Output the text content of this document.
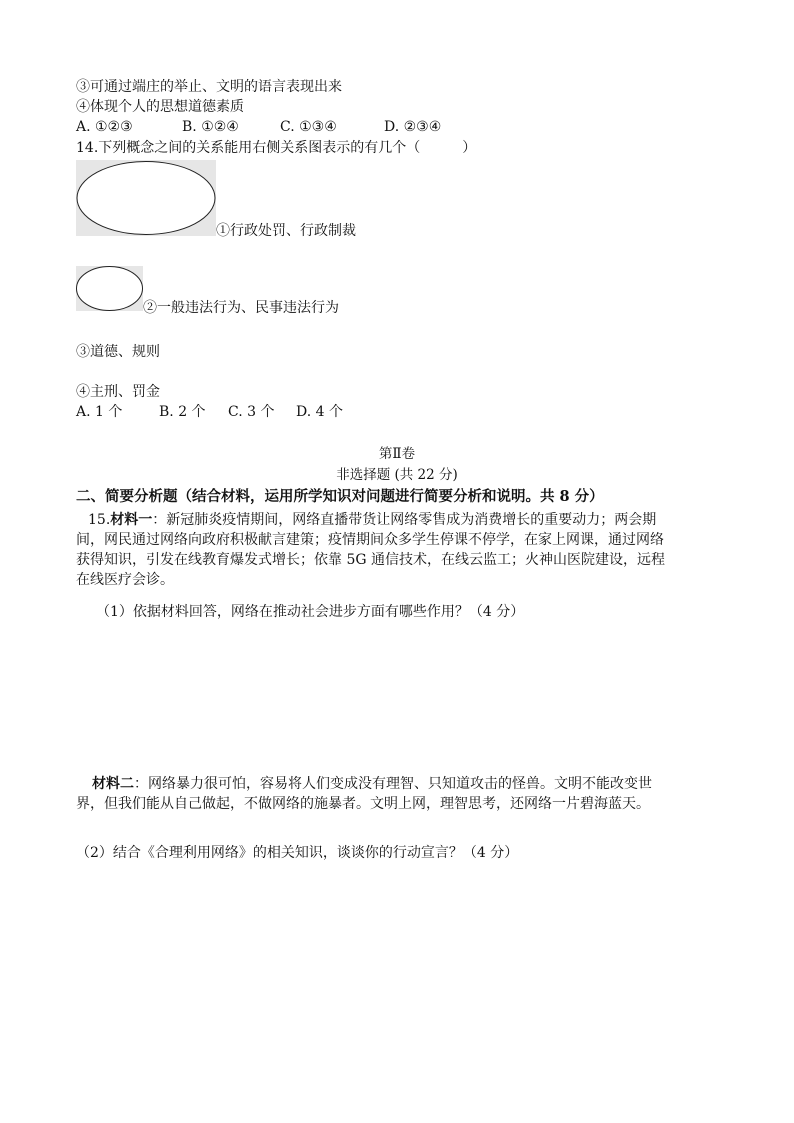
③可通过端庄的举止、文明的语言表现出来
④体现个人的思想道德素质
A. ①②③	B. ①②④	C. ①③④	D. ②③④
14.下列概念之间的关系能用右侧关系图表示的有几个（　　　）
①行政处罚、行政制裁
②一般违法行为、民事违法行为
③道德、规则
④主刑、罚金
A. 1 个	B. 2 个 C. 3 个 D. 4 个
第Ⅱ卷
非选择题 (共 22 分)
二、简要分析题（结合材料，运用所学知识对问题进行简要分析和说明。共 8 分）
15.材料一：新冠肺炎疫情期间，网络直播带货让网络零售成为消费增长的重要动力；两会期间，网民通过网络向政府积极献言建策；疫情期间众多学生停课不停学，在家上网课，通过网络获得知识，引发在线教育爆发式增长；依靠 5G 通信技术，在线云监工；火神山医院建设，远程在线医疗会诊。
（1）依据材料回答，网络在推动社会进步方面有哪些作用？（4 分）
材料二：网络暴力很可怕，容易将人们变成没有理智、只知道攻击的怪兽。文明不能改变世界，但我们能从自己做起，不做网络的施暴者。文明上网，理智思考，还网络一片碧海蓝天。
（2）结合《合理利用网络》的相关知识，谈谈你的行动宣言？（4 分）
